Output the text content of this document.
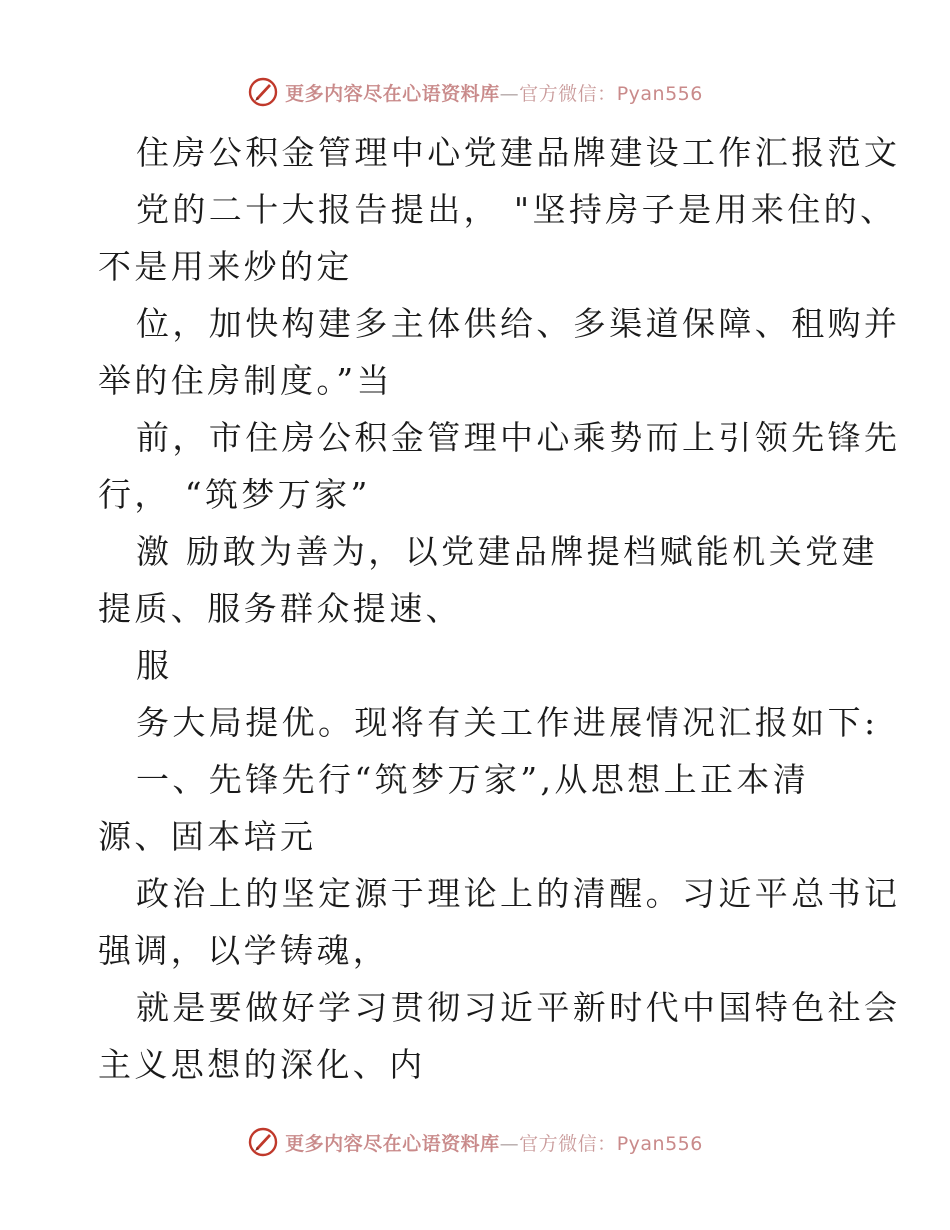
更多内容尽在心语资料库—官方微信：Pyan556
住房公积金管理中心党建品牌建设工作汇报范文
党的二十大报告提出， "坚持房子是用来住的、
不是用来炒的定
位，加快构建多主体供给、多渠道保障、租购并
举的住房制度。”当
前，市住房公积金管理中心乘势而上引领先锋先
行， “筑梦万家”
激 励敢为善为，以党建品牌提档赋能机关党建
提质、服务群众提速、
服
务大局提优。现将有关工作进展情况汇报如下:
一、先锋先行“筑梦万家”,从思想上正本清
源、固本培元
政治上的坚定源于理论上的清醒。习近平总书记
强调，以学铸魂，
就是要做好学习贯彻习近平新时代中国特色社会
主义思想的深化、内
更多内容尽在心语资料库—官方微信：Pyan556
